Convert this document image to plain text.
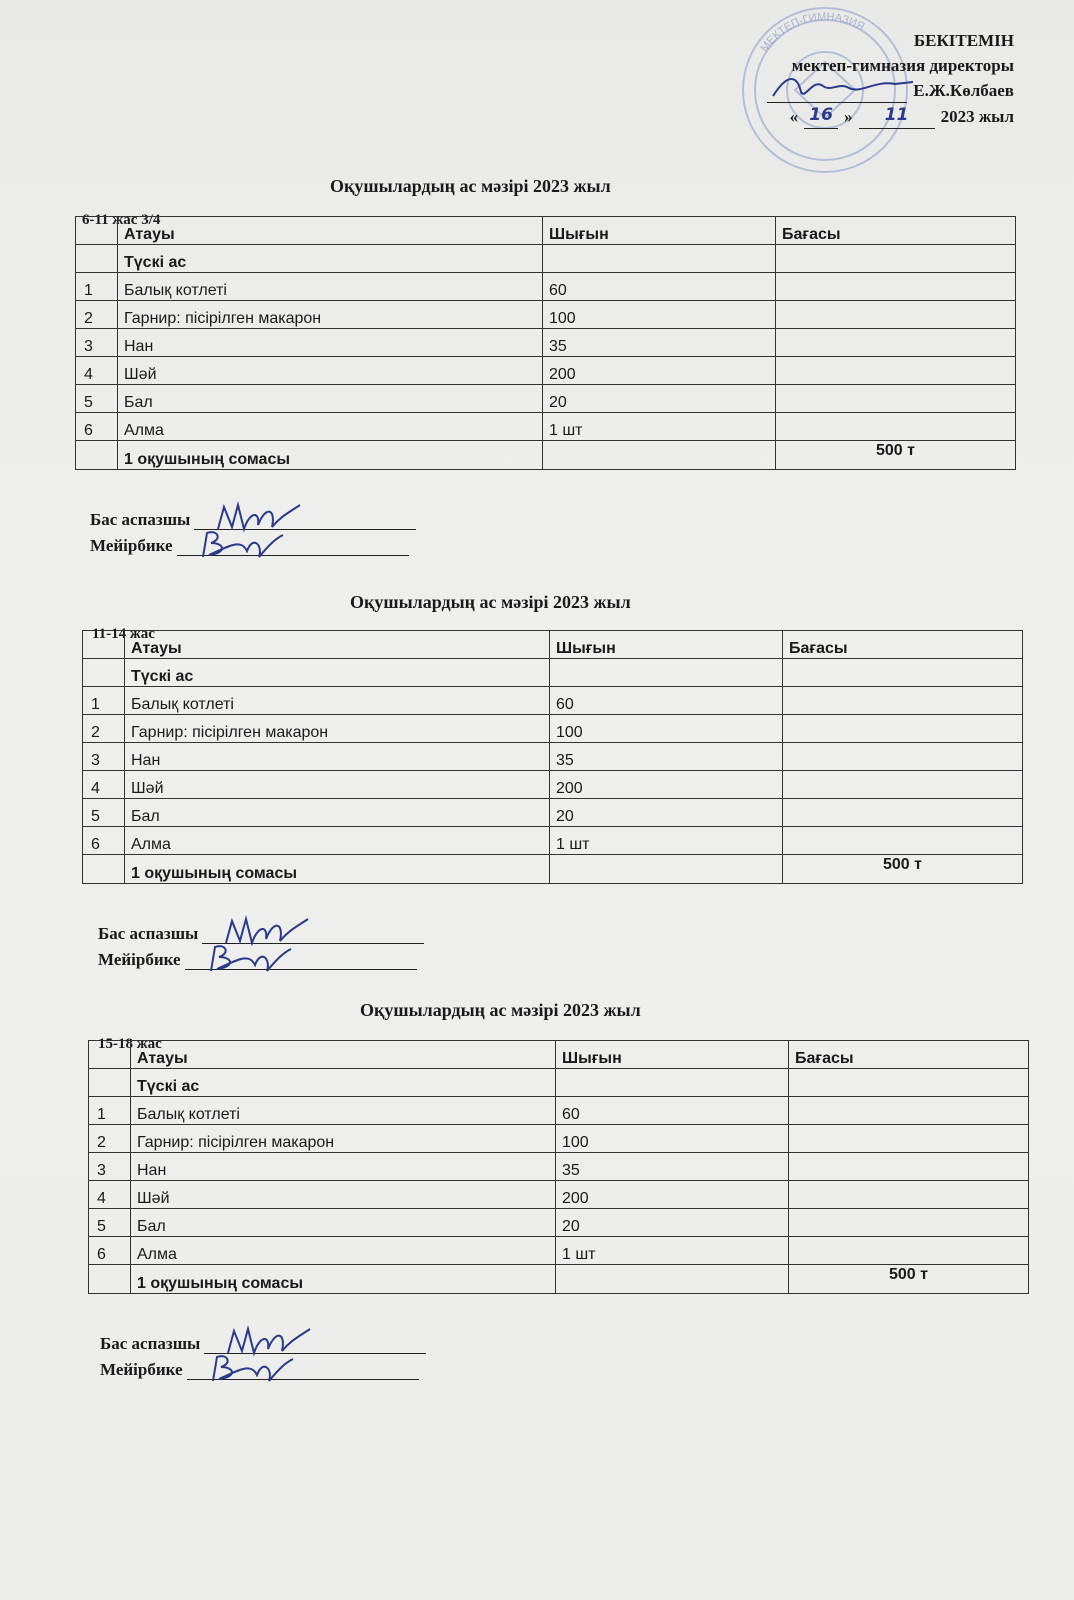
МЕКТЕП-ГИМНАЗИЯ
БЕКІТЕМІН
мектеп-гимназия директоры
Е.Ж.Көлбаев
« 16 »	11	2023 жыл
Оқушылардың ас мәзірі 2023 жыл
6-11 жас 3/4
	Атауы	Шығын	Бағасы
	Түскі ас		
1	Балық котлеті	60	
2	Гарнир: пісірілген макарон	100	
3	Нан	35	
4	Шәй	200	
5	Бал	20	
6	Алма	1 шт	
	1 оқушының сомасы		500 т
Бас аспазшы
Мейірбике
Оқушылардың ас мәзірі 2023 жыл
11-14 жас
	Атауы	Шығын	Бағасы
	Түскі ас		
1	Балық котлеті	60	
2	Гарнир: пісірілген макарон	100	
3	Нан	35	
4	Шәй	200	
5	Бал	20	
6	Алма	1 шт	
	1 оқушының сомасы		500 т
Бас аспазшы
Мейірбике
Оқушылардың ас мәзірі 2023 жыл
15-18 жас
	Атауы	Шығын	Бағасы
	Түскі ас		
1	Балық котлеті	60	
2	Гарнир: пісірілген макарон	100	
3	Нан	35	
4	Шәй	200	
5	Бал	20	
6	Алма	1 шт	
	1 оқушының сомасы		500 т
Бас аспазшы
Мейірбике
